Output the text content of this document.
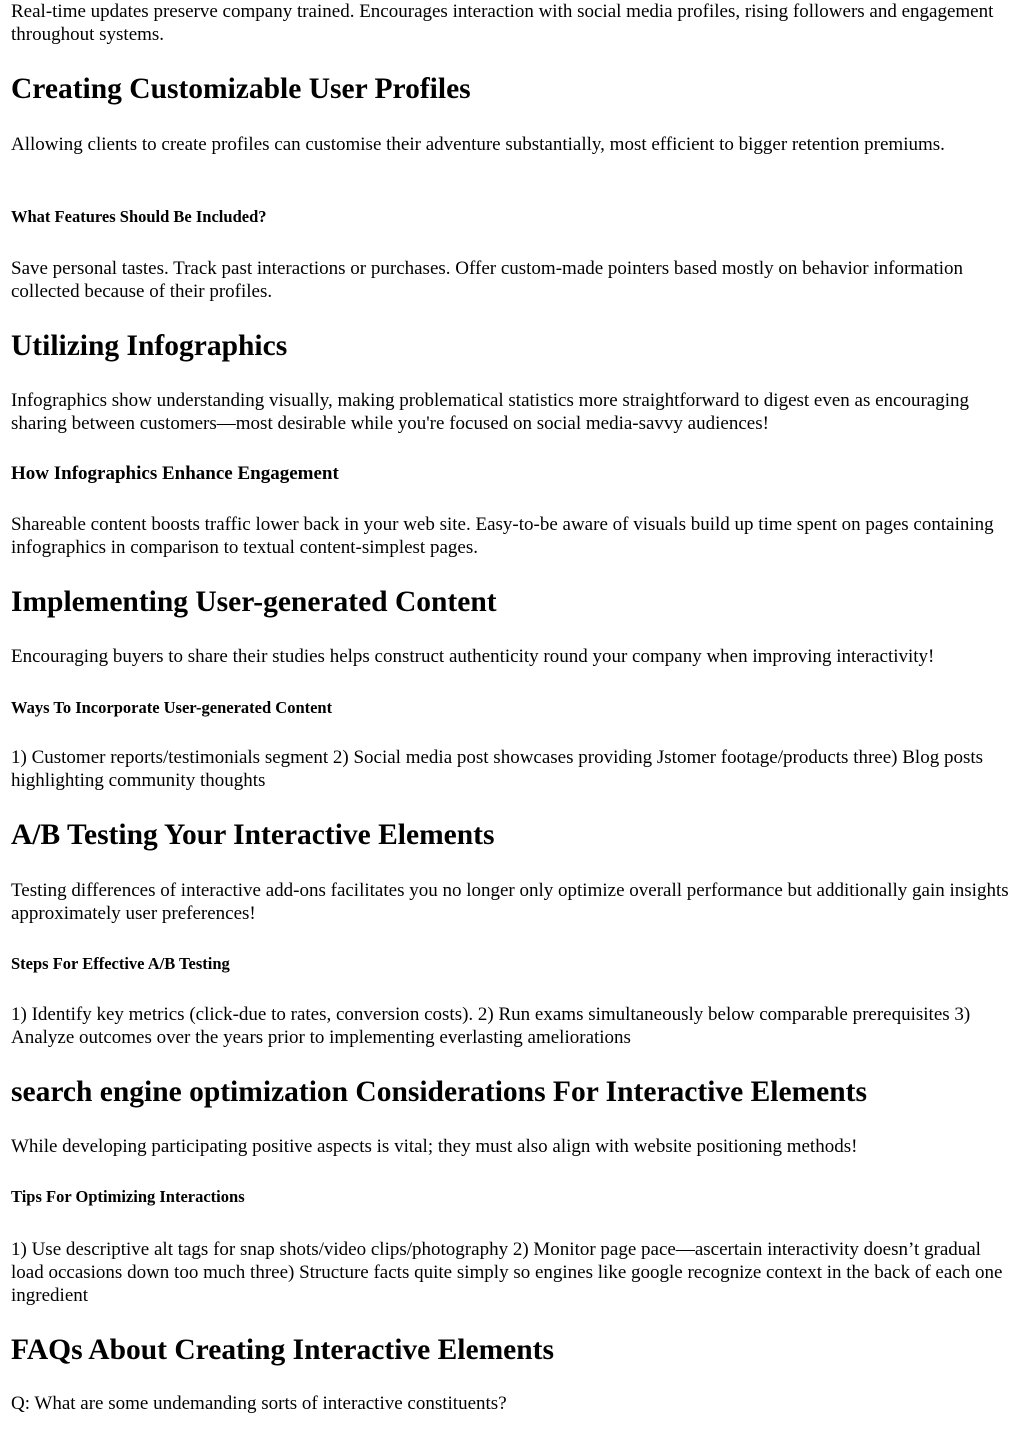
Real-time updates preserve company trained. Encourages interaction with social media profiles, rising followers and engagement throughout systems.

Creating Customizable User Profiles

Allowing clients to create profiles can customise their adventure substantially, most efficient to bigger retention premiums.

What Features Should Be Included?

Save personal tastes. Track past interactions or purchases. Offer custom-made pointers based mostly on behavior information collected because of their profiles.

Utilizing Infographics

Infographics show understanding visually, making problematical statistics more straightforward to digest even as encouraging sharing between customers—most desirable while you're focused on social media-savvy audiences!

How Infographics Enhance Engagement

Shareable content boosts traffic lower back in your web site. Easy-to-be aware of visuals build up time spent on pages containing infographics in comparison to textual content-simplest pages.

Implementing User-generated Content

Encouraging buyers to share their studies helps construct authenticity round your company when improving interactivity!

Ways To Incorporate User-generated Content

1) Customer reports/testimonials segment 2) Social media post showcases providing Jstomer footage/products three) Blog posts highlighting community thoughts

A/B Testing Your Interactive Elements

Testing differences of interactive add-ons facilitates you no longer only optimize overall performance but additionally gain insights approximately user preferences!

Steps For Effective A/B Testing

1) Identify key metrics (click-due to rates, conversion costs). 2) Run exams simultaneously below comparable prerequisites 3) Analyze outcomes over the years prior to implementing everlasting ameliorations

search engine optimization Considerations For Interactive Elements

While developing participating positive aspects is vital; they must also align with website positioning methods!

Tips For Optimizing Interactions

1) Use descriptive alt tags for snap shots/video clips/photography 2) Monitor page pace—ascertain interactivity doesn’t gradual load occasions down too much three) Structure facts quite simply so engines like google recognize context in the back of each one ingredient

FAQs About Creating Interactive Elements

Q: What are some undemanding sorts of interactive constituents?
